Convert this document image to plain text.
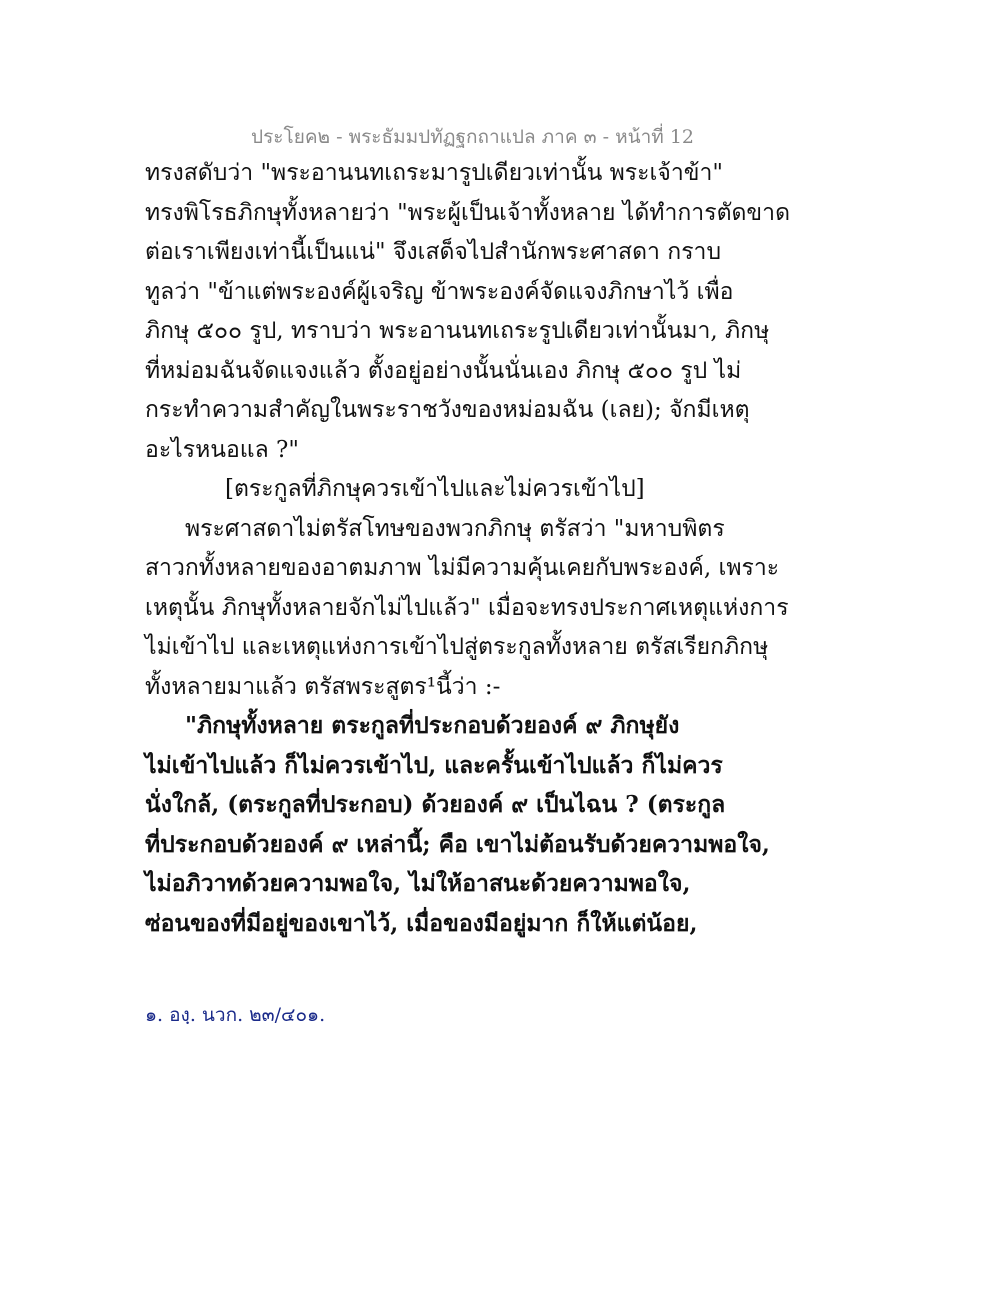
ประโยค๒ - พระธัมมปทัฏฐกถาแปล ภาค ๓ - หน้าที่ 12
ทรงสดับว่า "พระอานนทเถระมารูปเดียวเท่านั้น พระเจ้าข้า"
ทรงพิโรธภิกษุทั้งหลายว่า "พระผู้เป็นเจ้าทั้งหลาย ได้ทำการตัดขาด
ต่อเราเพียงเท่านี้เป็นแน่" จึงเสด็จไปสำนักพระศาสดา กราบ
ทูลว่า "ข้าแต่พระองค์ผู้เจริญ ข้าพระองค์จัดแจงภิกษาไว้ เพื่อ
ภิกษุ ๕๐๐ รูป, ทราบว่า พระอานนทเถระรูปเดียวเท่านั้นมา, ภิกษุ
ที่หม่อมฉันจัดแจงแล้ว ตั้งอยู่อย่างนั้นนั่นเอง ภิกษุ ๕๐๐ รูป ไม่
กระทำความสำคัญในพระราชวังของหม่อมฉัน (เลย); จักมีเหตุ
อะไรหนอแล ?"
[ตระกูลที่ภิกษุควรเข้าไปและไม่ควรเข้าไป]
พระศาสดาไม่ตรัสโทษของพวกภิกษุ ตรัสว่า "มหาบพิตร
สาวกทั้งหลายของอาตมภาพ ไม่มีความคุ้นเคยกับพระองค์, เพราะ
เหตุนั้น ภิกษุทั้งหลายจักไม่ไปแล้ว" เมื่อจะทรงประกาศเหตุแห่งการ
ไม่เข้าไป และเหตุแห่งการเข้าไปสู่ตระกูลทั้งหลาย ตรัสเรียกภิกษุ
ทั้งหลายมาแล้ว ตรัสพระสูตร¹นี้ว่า :-
"ภิกษุทั้งหลาย ตระกูลที่ประกอบด้วยองค์ ๙ ภิกษุยัง
ไม่เข้าไปแล้ว ก็ไม่ควรเข้าไป, และครั้นเข้าไปแล้ว ก็ไม่ควร
นั่งใกล้, (ตระกูลที่ประกอบ) ด้วยองค์ ๙ เป็นไฉน ? (ตระกูล
ที่ประกอบด้วยองค์ ๙ เหล่านี้; คือ เขาไม่ต้อนรับด้วยความพอใจ,
ไม่อภิวาทด้วยความพอใจ, ไม่ให้อาสนะด้วยความพอใจ,
ซ่อนของที่มีอยู่ของเขาไว้, เมื่อของมีอยู่มาก ก็ให้แต่น้อย,
๑. องฺ. นวก. ๒๓/๔๐๑.
